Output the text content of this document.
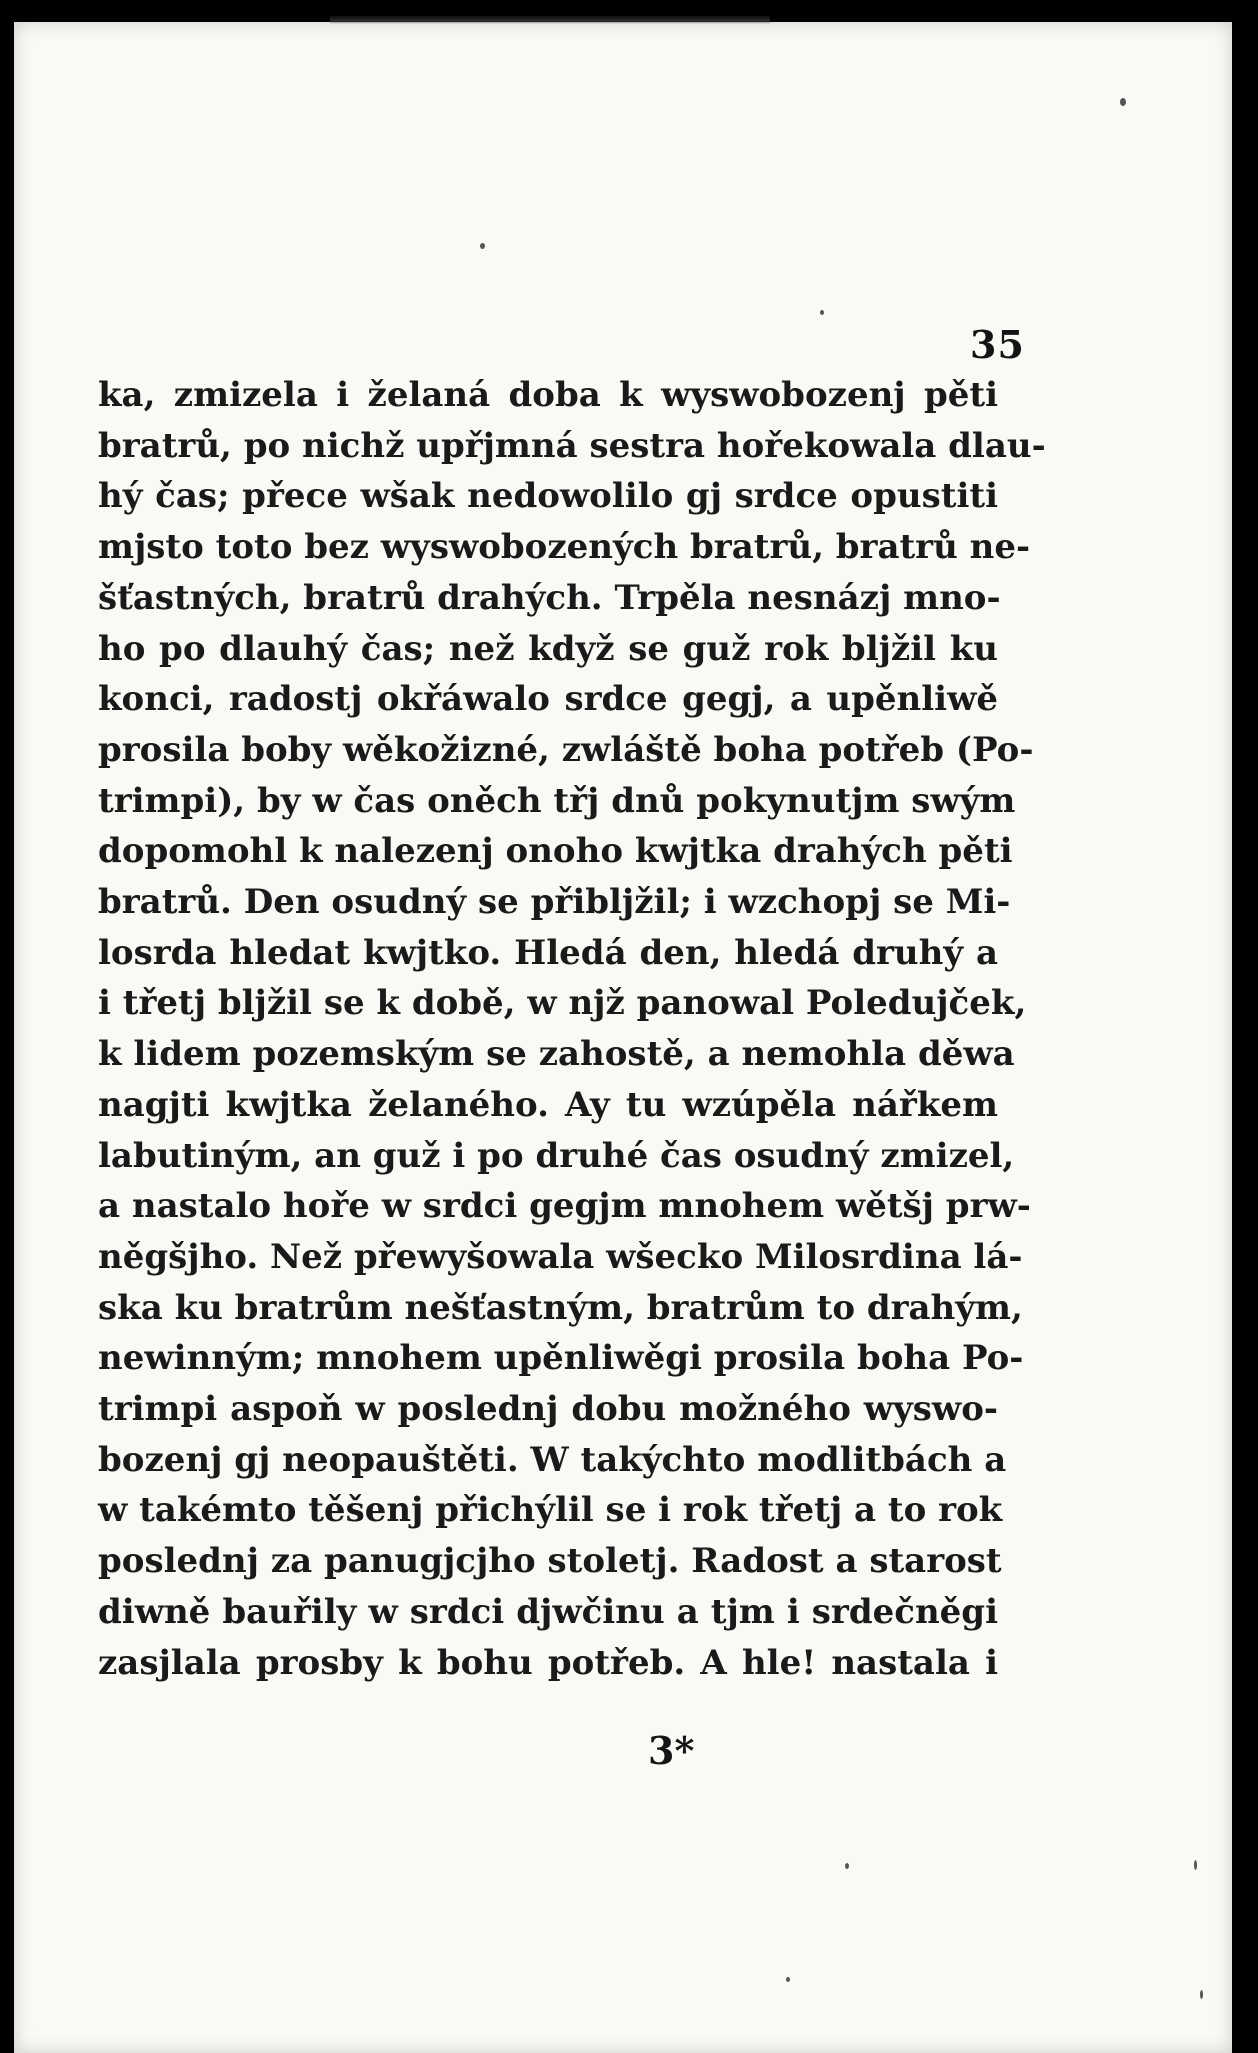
35
ka, zmizela i želaná doba k wyswobozenj pěti
bratrů, po nichž upřjmná sestra hořekowala dlau-
hý čas; přece wšak nedowolilo gj srdce opustiti
mjsto toto bez wyswobozených bratrů, bratrů ne-
šťastných, bratrů drahých. Trpěla nesnázj mno-
ho po dlauhý čas; než když se guž rok bljžil ku
konci, radostj okřáwalo srdce gegj, a upěnliwě
prosila boby wěkožizné, zwláště boha potřeb (Po-
trimpi), by w čas oněch třj dnů pokynutjm swým
dopomohl k nalezenj onoho kwjtka drahých pěti
bratrů. Den osudný se přibljžil; i wzchopj se Mi-
losrda hledat kwjtko. Hledá den, hledá druhý a
i třetj bljžil se k době, w njž panowal Poledujček,
k lidem pozemským se zahostě, a nemohla děwa
nagjti kwjtka želaného. Ay tu wzúpěla nářkem
labutiným, an guž i po druhé čas osudný zmizel,
a nastalo hoře w srdci gegjm mnohem wětšj prw-
něgšjho. Než přewyšowala wšecko Milosrdina lá-
ska ku bratrům nešťastným, bratrům to drahým,
newinným; mnohem upěnliwěgi prosila boha Po-
trimpi aspoň w poslednj dobu možného wyswo-
bozenj gj neopauštěti. W takýchto modlitbách a
w takémto těšenj přichýlil se i rok třetj a to rok
poslednj za panugjcjho stoletj. Radost a starost
diwně bauřily w srdci djwčinu a tjm i srdečněgi
zasjlala prosby k bohu potřeb. A hle! nastala i
3*
